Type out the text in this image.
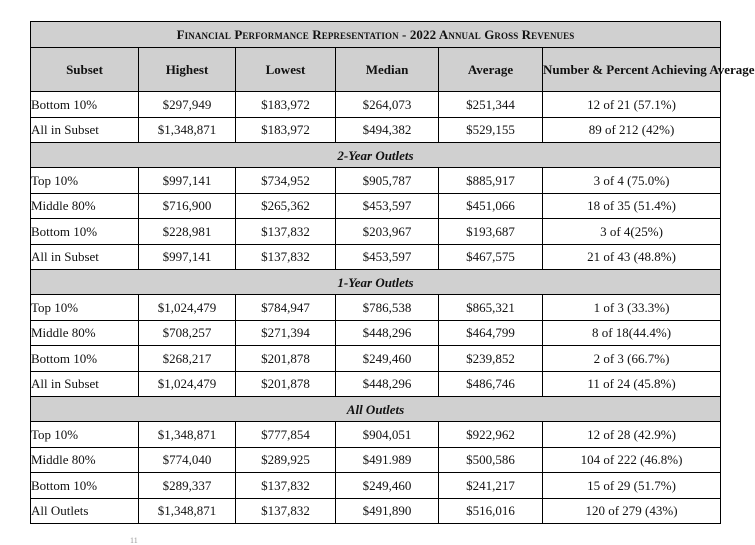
Financial Performance Representation - 2022 Annual Gross Revenues					
Subset	Highest	Lowest	Median	Average	Number & Percent Achieving Average
Bottom 10%	$297,949	$183,972	$264,073	$251,344	12 of 21 (57.1%)
All in Subset	$1,348,871	$183,972	$494,382	$529,155	89 of 212 (42%)
2-Year Outlets					
Top 10%	$997,141	$734,952	$905,787	$885,917	3 of 4 (75.0%)
Middle 80%	$716,900	$265,362	$453,597	$451,066	18 of 35 (51.4%)
Bottom 10%	$228,981	$137,832	$203,967	$193,687	3 of 4(25%)
All in Subset	$997,141	$137,832	$453,597	$467,575	21 of 43 (48.8%)
1-Year Outlets					
Top 10%	$1,024,479	$784,947	$786,538	$865,321	1 of 3 (33.3%)
Middle 80%	$708,257	$271,394	$448,296	$464,799	8 of 18(44.4%)
Bottom 10%	$268,217	$201,878	$249,460	$239,852	2 of 3 (66.7%)
All in Subset	$1,024,479	$201,878	$448,296	$486,746	11 of 24 (45.8%)
All Outlets					
Top 10%	$1,348,871	$777,854	$904,051	$922,962	12 of 28 (42.9%)
Middle 80%	$774,040	$289,925	$491.989	$500,586	104 of 222 (46.8%)
Bottom 10%	$289,337	$137,832	$249,460	$241,217	15 of 29 (51.7%)
All Outlets	$1,348,871	$137,832	$491,890	$516,016	120 of 279 (43%)
11
